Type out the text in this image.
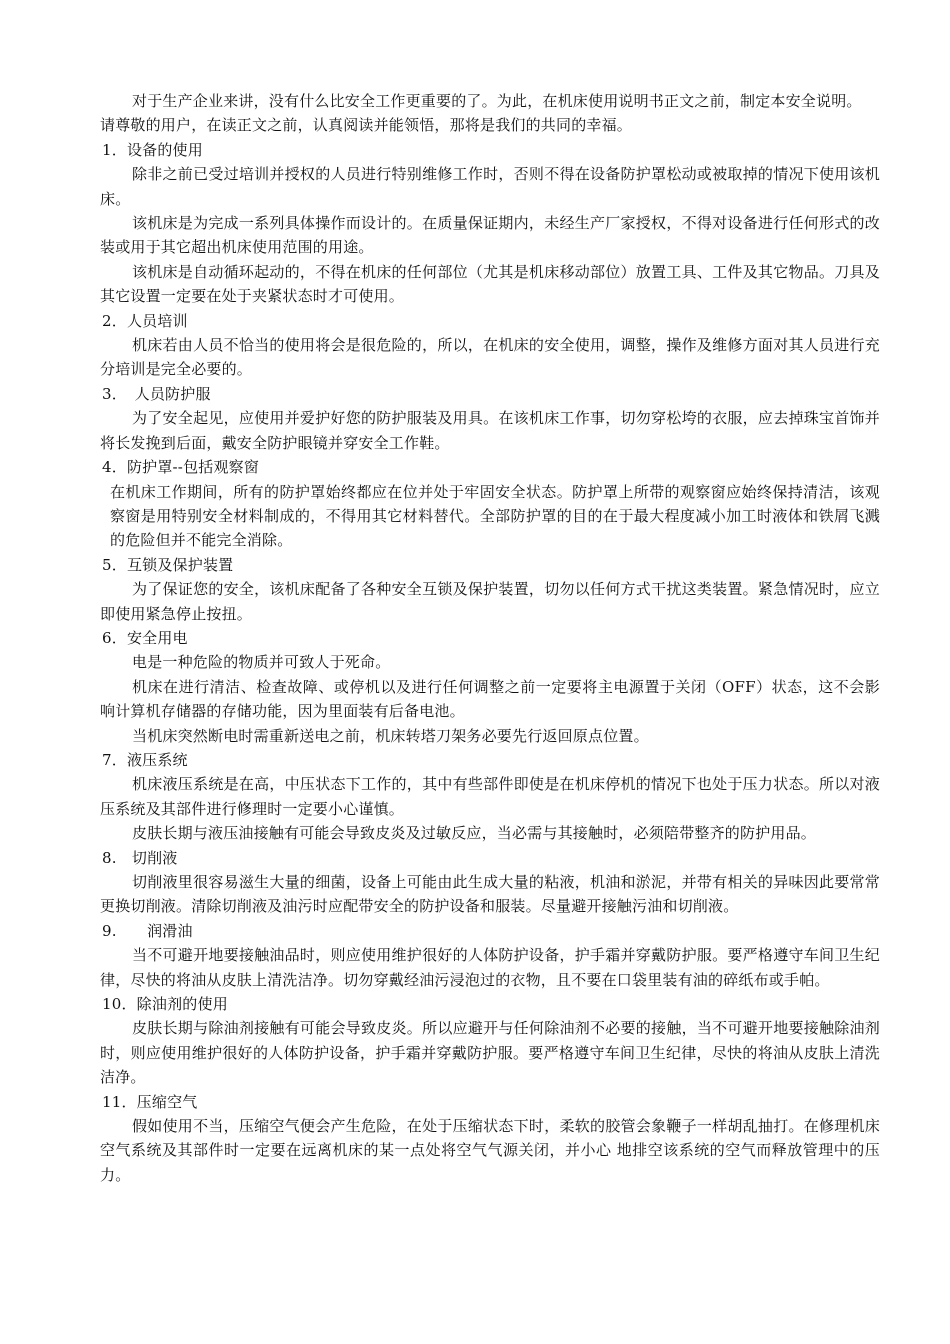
对于生产企业来讲，没有什么比安全工作更重要的了。为此，在机床使用说明书正文之前，制定本安全说明。

请尊敬的用户，在读正文之前，认真阅读并能领悟，那将是我们的共同的幸福。

1．设备的使用

除非之前已受过培训并授权的人员进行特别维修工作时，否则不得在设备防护罩松动或被取掉的情况下使用该机床。

该机床是为完成一系列具体操作而设计的。在质量保证期内，未经生产厂家授权，不得对设备进行任何形式的改装或用于其它超出机床使用范围的用途。

该机床是自动循环起动的，不得在机床的任何部位（尤其是机床移动部位）放置工具、工件及其它物品。刀具及其它设置一定要在处于夹紧状态时才可使用。

2．人员培训

机床若由人员不恰当的使用将会是很危险的，所以，在机床的安全使用，调整，操作及维修方面对其人员进行充分培训是完全必要的。

3．　人员防护服

为了安全起见，应使用并爱护好您的防护服装及用具。在该机床工作事，切勿穿松垮的衣服，应去掉珠宝首饰并将长发挽到后面，戴安全防护眼镜并穿安全工作鞋。

4．防护罩--包括观察窗

在机床工作期间，所有的防护罩始终都应在位并处于牢固安全状态。防护罩上所带的观察窗应始终保持清洁，该观察窗是用特别安全材料制成的，不得用其它材料替代。全部防护罩的目的在于最大程度减小加工时液体和铁屑飞溅的危险但并不能完全消除。

5．互锁及保护装置

为了保证您的安全，该机床配备了各种安全互锁及保护装置，切勿以任何方式干扰这类装置。紧急情况时，应立即使用紧急停止按扭。

6．安全用电

电是一种危险的物质并可致人于死命。

机床在进行清洁、检查故障、或停机以及进行任何调整之前一定要将主电源置于关闭（OFF）状态，这不会影响计算机存储器的存储功能，因为里面装有后备电池。

当机床突然断电时需重新送电之前，机床转塔刀架务必要先行返回原点位置。

7．液压系统

机床液压系统是在高，中压状态下工作的，其中有些部件即使是在机床停机的情况下也处于压力状态。所以对液压系统及其部件进行修理时一定要小心谨慎。

皮肤长期与液压油接触有可能会导致皮炎及过敏反应，当必需与其接触时，必须陪带整齐的防护用品。

8.　切削液

切削液里很容易滋生大量的细菌，设备上可能由此生成大量的粘液，机油和淤泥，并带有相关的异味因此要常常更换切削液。清除切削液及油污时应配带安全的防护设备和服装。尽量避开接触污油和切削液。

9.　　润滑油

当不可避开地要接触油品时，则应使用维护很好的人体防护设备，护手霜并穿戴防护服。要严格遵守车间卫生纪律，尽快的将油从皮肤上清洗洁净。切勿穿戴经油污浸泡过的衣物，且不要在口袋里装有油的碎纸布或手帕。

10．除油剂的使用

皮肤长期与除油剂接触有可能会导致皮炎。所以应避开与任何除油剂不必要的接触，当不可避开地要接触除油剂时，则应使用维护很好的人体防护设备，护手霜并穿戴防护服。要严格遵守车间卫生纪律，尽快的将油从皮肤上清洗洁净。

11．压缩空气

假如使用不当，压缩空气便会产生危险，在处于压缩状态下时，柔软的胶管会象鞭子一样胡乱抽打。在修理机床空气系统及其部件时一定要在远离机床的某一点处将空气气源关闭，并小心 地排空该系统的空气而释放管理中的压力。
